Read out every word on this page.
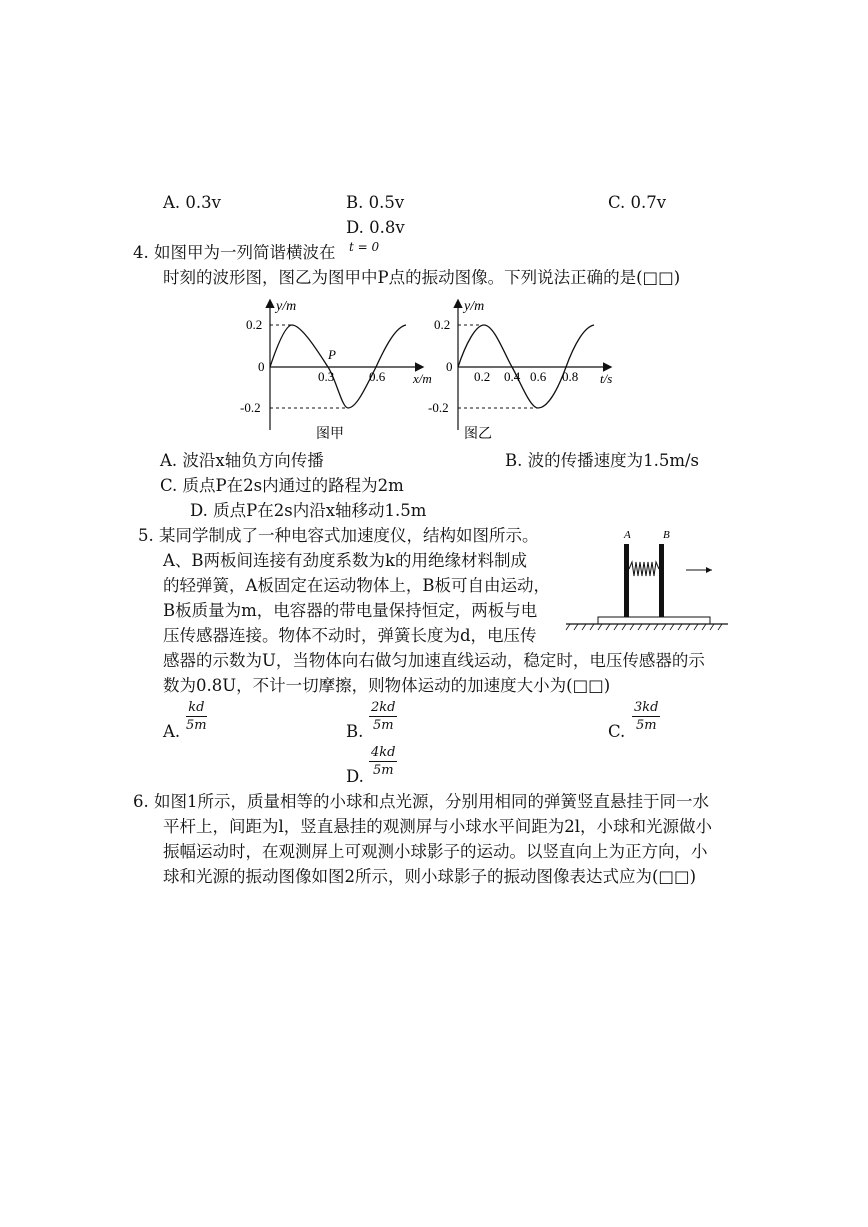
A. 0.3v	B. 0.5v	C. 0.7v
D. 0.8v
4. 如图甲为一列简谐横波在 t = 0
时刻的波形图，图乙为图甲中P点的振动图像。下列说法正确的是(□□)
y/m
0.2
0
-0.2
P
0.3	0.6 x/m
图甲
y/m
0.2
0
-0.2
0.2 0.4 0.6 0.8 t/s
图乙
A. 波沿x轴负方向传播	B. 波的传播速度为1.5m/s
C. 质点P在2s内通过的路程为2m
D. 质点P在2s内沿x轴移动1.5m
5. 某同学制成了一种电容式加速度仪，结构如图所示。
A、B两板间连接有劲度系数为k的用绝缘材料制成
的轻弹簧，A板固定在运动物体上，B板可自由运动，
B板质量为m，电容器的带电量保持恒定，两板与电
压传感器连接。物体不动时，弹簧长度为d，电压传
感器的示数为U，当物体向右做匀加速直线运动，稳定时，电压传感器的示
数为0.8U，不计一切摩擦，则物体运动的加速度大小为(□□)
A	B
A. $\frac{kd}{5m}$	B. $\frac{2kd}{5m}$	C. $\frac{3kd}{5m}$
D. $\frac{4kd}{5m}$
6. 如图1所示，质量相等的小球和点光源，分别用相同的弹簧竖直悬挂于同一水
平杆上，间距为l，竖直悬挂的观测屏与小球水平间距为2l，小球和光源做小
振幅运动时，在观测屏上可观测小球影子的运动。以竖直向上为正方向，小
球和光源的振动图像如图2所示，则小球影子的振动图像表达式应为(□□)
